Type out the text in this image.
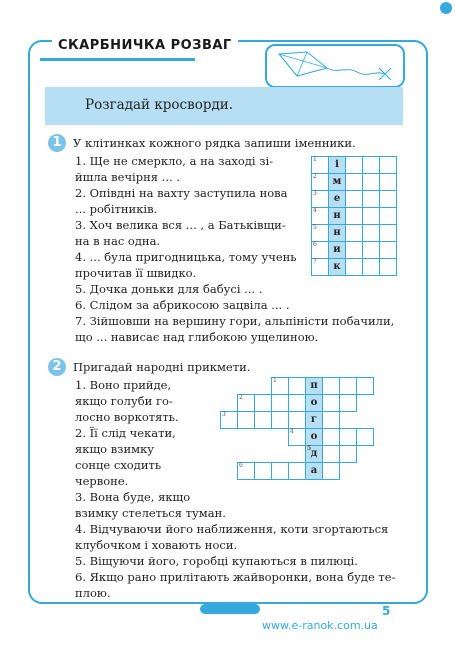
СКАРБНИЧКА РОЗВАГ
Розгадай кросворди.
1 У клітинках кожного рядка запиши іменники.
1. Ще не смеркло, а на заході зі-
йшла вечірня ... .
2. Опівдні на вахту заступила нова
... робітників.
3. Хоч велика вся ... , а Батьківщи-
на в нас одна.
4. ... була пригодницька, тому учень
прочитав її швидко.
5. Дочка доньки для бабусі ... .
6. Слідом за абрикосою зацвіла ... .
7. Зійшовши на вершину гори, альпіністи побачили,
що ... нависає над глибокою ущелиною.
2 Пригадай народні прикмети.
1. Воно прийде,
якщо голуби го-
лосно воркотять.
2. Її слід чекати,
якщо взимку
сонце сходить
червоне.
3. Вона буде, якщо
взимку стелеться туман.
4. Відчуваючи його наближення, коти згортаються
клубочком і ховають носи.
5. Віщуючи його, горобці купаються в пилюці.
6. Якщо рано прилітають жайворонки, вона буде те-
плою.
5
www.e-ranok.com.ua
1	і
2	м
3	е
4	н
5	н
6	и
7	к
1	п
2	о
3	г
4	о
5 д
6	а
